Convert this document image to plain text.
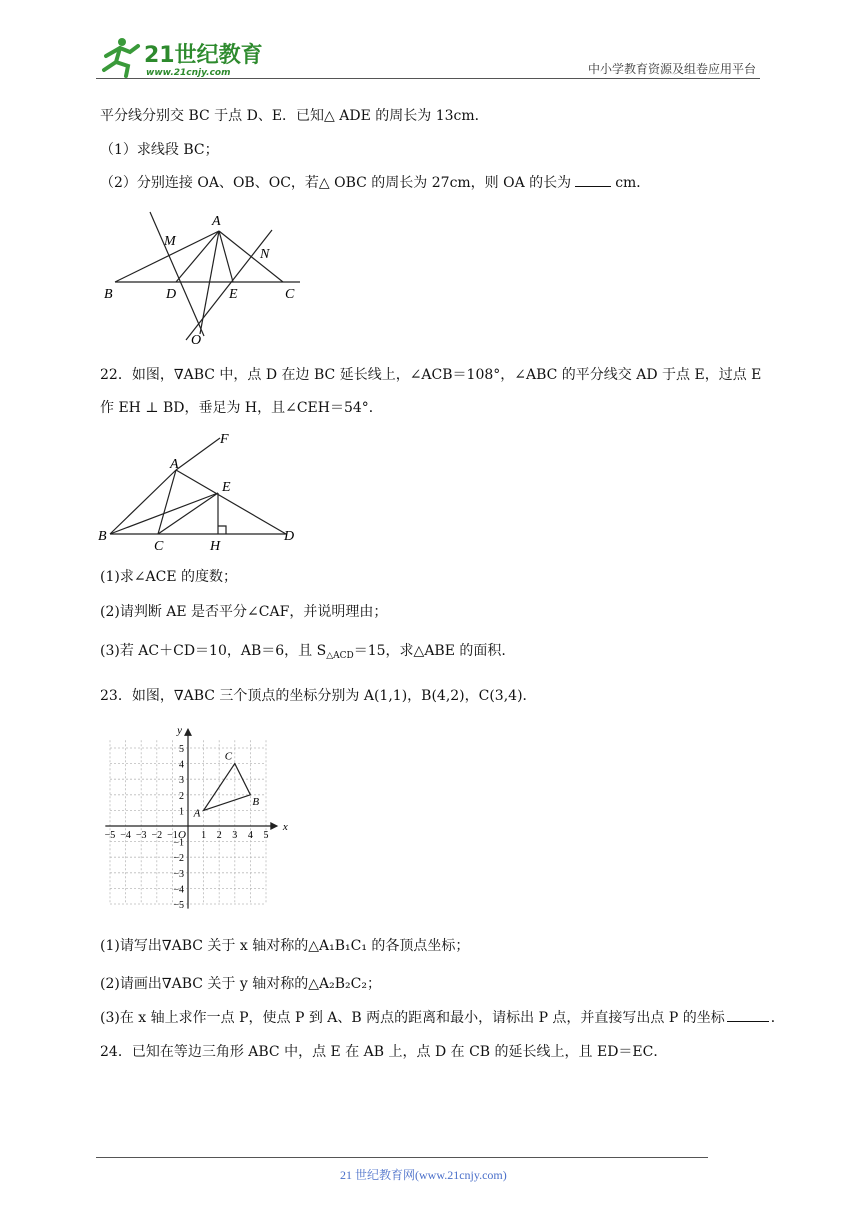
21世纪教育
www.21cnjy.com	中小学教育资源及组卷应用平台
平分线分别交 BC 于点 D、E．已知△ ADE 的周长为 13cm．
（1）求线段 BC；
（2）分别连接 OA、OB、OC，若△ OBC 的周长为 27cm，则 OA 的长为	cm．
A
M
N
B	D	E	C
O
22．如图，∇ABC 中，点 D 在边 BC 延长线上，∠ACB＝108°，∠ABC 的平分线交 AD 于点 E，过点 E
作 EH ⊥ BD，垂足为 H，且∠CEH＝54°．
F
A
E
B
C	H
D
(1)求∠ACE 的度数；
(2)请判断 AE 是否平分∠CAF，并说明理由；
(3)若 AC＋CD＝10，AB＝6，且 $S_{\triangle ACD}=15$，求△ABE 的面积.
23．如图，∇ABC 三个顶点的坐标分别为 A(1,1)，B(4,2)，C(3,4)．
−5 −4 −3 −2 −1 1 2 3 4 5
5
4
3
2
1
−1
−2
−3
−4
−5
O
x
y
A
B
C
(1)请写出∇ABC 关于 x 轴对称的△A₁B₁C₁ 的各顶点坐标；
(2)请画出∇ABC 关于 y 轴对称的△A₂B₂C₂；
(3)在 x 轴上求作一点 P，使点 P 到 A、B 两点的距离和最小，请标出 P 点，并直接写出点 P 的坐标	．
24．已知在等边三角形 ABC 中，点 E 在 AB 上，点 D 在 CB 的延长线上，且 ED＝EC．
21 世纪教育网(www.21cnjy.com)
